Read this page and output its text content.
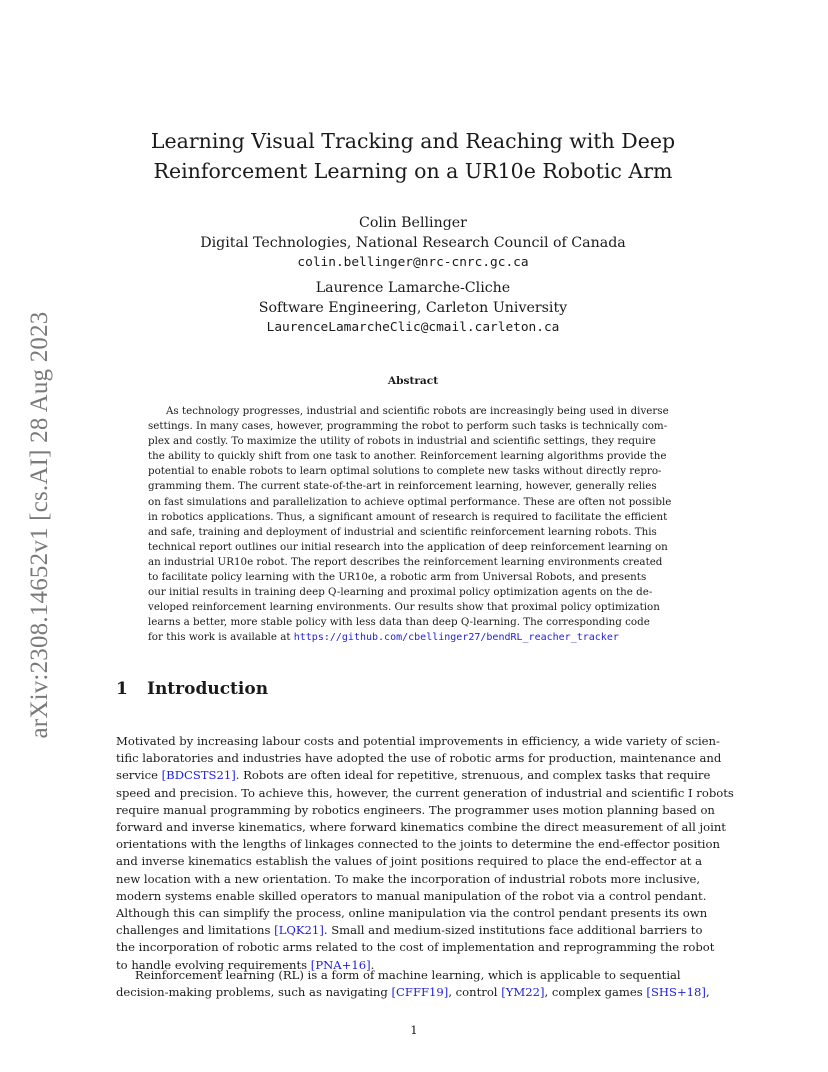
arXiv:2308.14652v1 [cs.AI] 28 Aug 2023
Learning Visual Tracking and Reaching with Deep
Reinforcement Learning on a UR10e Robotic Arm
Colin Bellinger
Digital Technologies, National Research Council of Canada
colin.bellinger@nrc-cnrc.gc.ca
Laurence Lamarche-Cliche
Software Engineering, Carleton University
LaurenceLamarcheClic@cmail.carleton.ca
Abstract
As technology progresses, industrial and scientific robots are increasingly being used in diverse
settings. In many cases, however, programming the robot to perform such tasks is technically com-
plex and costly. To maximize the utility of robots in industrial and scientific settings, they require
the ability to quickly shift from one task to another. Reinforcement learning algorithms provide the
potential to enable robots to learn optimal solutions to complete new tasks without directly repro-
gramming them. The current state-of-the-art in reinforcement learning, however, generally relies
on fast simulations and parallelization to achieve optimal performance. These are often not possible
in robotics applications. Thus, a significant amount of research is required to facilitate the efficient
and safe, training and deployment of industrial and scientific reinforcement learning robots. This
technical report outlines our initial research into the application of deep reinforcement learning on
an industrial UR10e robot. The report describes the reinforcement learning environments created
to facilitate policy learning with the UR10e, a robotic arm from Universal Robots, and presents
our initial results in training deep Q-learning and proximal policy optimization agents on the de-
veloped reinforcement learning environments. Our results show that proximal policy optimization
learns a better, more stable policy with less data than deep Q-learning. The corresponding code
for this work is available at https://github.com/cbellinger27/bendRL_reacher_tracker
1 Introduction
Motivated by increasing labour costs and potential improvements in efficiency, a wide variety of scien-
tific laboratories and industries have adopted the use of robotic arms for production, maintenance and
service [BDCSTS21]. Robots are often ideal for repetitive, strenuous, and complex tasks that require
speed and precision. To achieve this, however, the current generation of industrial and scientific I robots
require manual programming by robotics engineers. The programmer uses motion planning based on
forward and inverse kinematics, where forward kinematics combine the direct measurement of all joint
orientations with the lengths of linkages connected to the joints to determine the end-effector position
and inverse kinematics establish the values of joint positions required to place the end-effector at a
new location with a new orientation. To make the incorporation of industrial robots more inclusive,
modern systems enable skilled operators to manual manipulation of the robot via a control pendant.
Although this can simplify the process, online manipulation via the control pendant presents its own
challenges and limitations [LQK21]. Small and medium-sized institutions face additional barriers to
the incorporation of robotic arms related to the cost of implementation and reprogramming the robot
to handle evolving requirements [PNA+16].
Reinforcement learning (RL) is a form of machine learning, which is applicable to sequential
decision-making problems, such as navigating [CFFF19], control [YM22], complex games [SHS+18],
1
